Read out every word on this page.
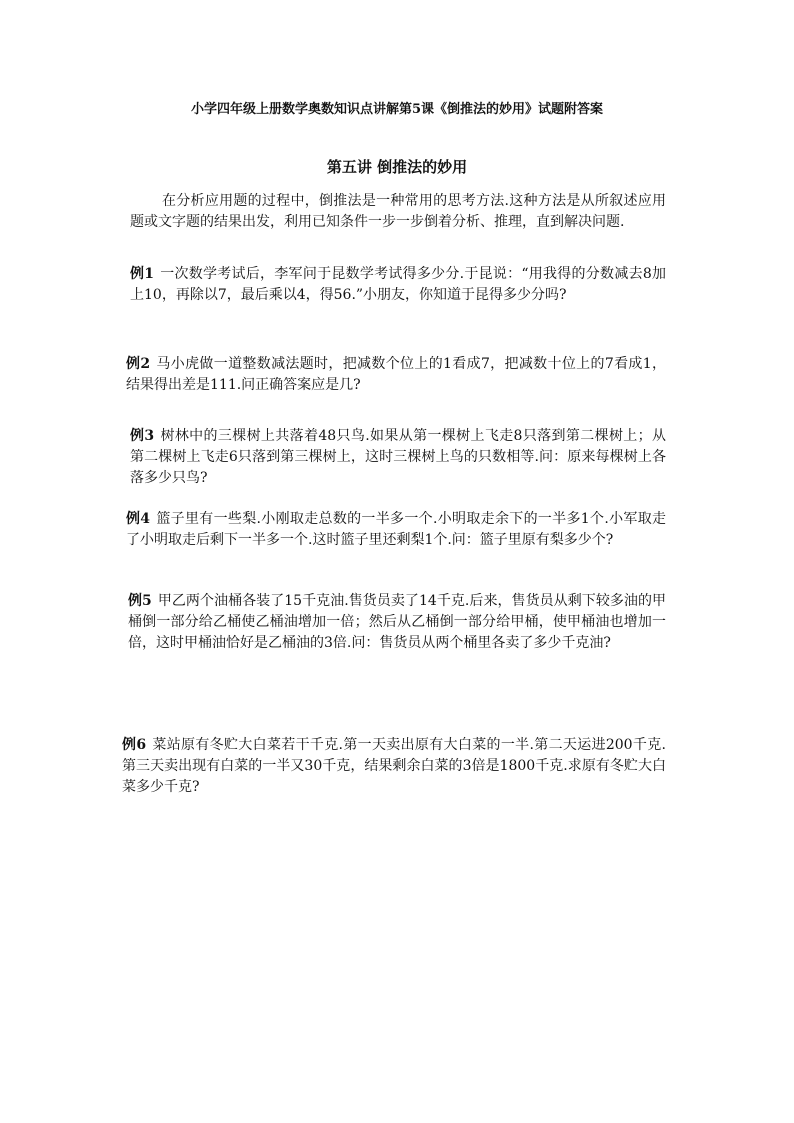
小学四年级上册数学奥数知识点讲解第5课《倒推法的妙用》试题附答案
第五讲 倒推法的妙用

在分析应用题的过程中，倒推法是一种常用的思考方法.这种方法是从所叙述应用题或文字题的结果出发，利用已知条件一步一步倒着分析、推理，直到解决问题.

例1 一次数学考试后，李军问于昆数学考试得多少分.于昆说：“用我得的分数减去8加上10，再除以7，最后乘以4，得56.”小朋友，你知道于昆得多少分吗?

例2 马小虎做一道整数减法题时，把减数个位上的1看成7，把减数十位上的7看成1，结果得出差是111.问正确答案应是几?

例3 树林中的三棵树上共落着48只鸟.如果从第一棵树上飞走8只落到第二棵树上；从第二棵树上飞走6只落到第三棵树上，这时三棵树上鸟的只数相等.问：原来每棵树上各落多少只鸟?

例4 篮子里有一些梨.小刚取走总数的一半多一个.小明取走余下的一半多1个.小军取走了小明取走后剩下一半多一个.这时篮子里还剩梨1个.问：篮子里原有梨多少个?

例5 甲乙两个油桶各装了15千克油.售货员卖了14千克.后来，售货员从剩下较多油的甲桶倒一部分给乙桶使乙桶油增加一倍；然后从乙桶倒一部分给甲桶，使甲桶油也增加一倍，这时甲桶油恰好是乙桶油的3倍.问：售货员从两个桶里各卖了多少千克油?

例6 菜站原有冬贮大白菜若干千克.第一天卖出原有大白菜的一半.第二天运进200千克.第三天卖出现有白菜的一半又30千克，结果剩余白菜的3倍是1800千克.求原有冬贮大白菜多少千克?
